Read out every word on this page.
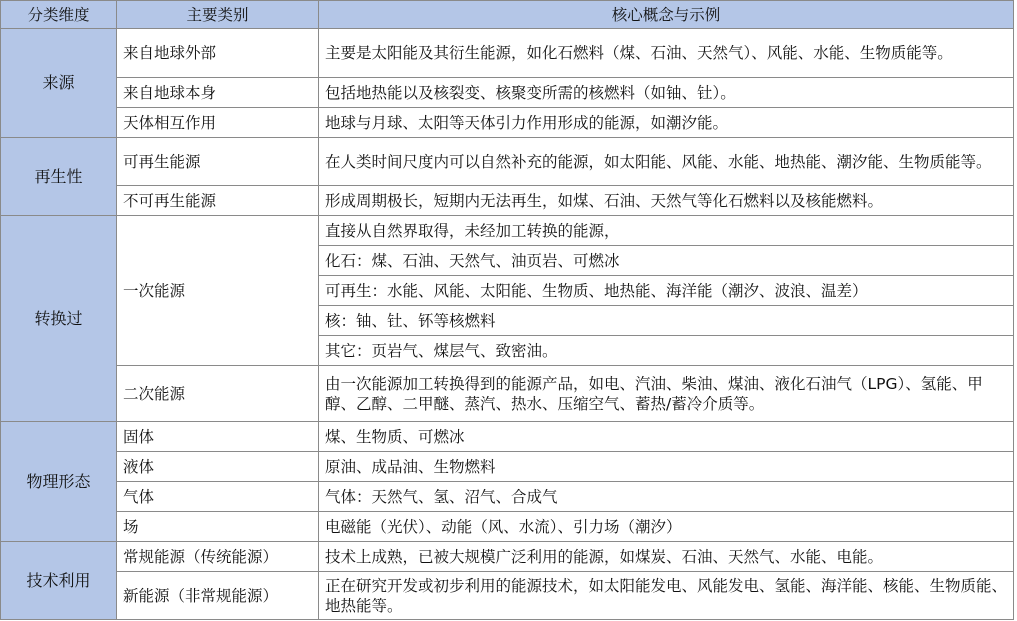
分类维度	主要类别	核心概念与示例
来源	来自地球外部	主要是太阳能及其衍生能源，如化石燃料（煤、石油、天然气）、风能、水能、生物质能等。
	来自地球本身	包括地热能以及核裂变、核聚变所需的核燃料（如铀、钍）。
	天体相互作用	地球与月球、太阳等天体引力作用形成的能源，如潮汐能。
再生性	可再生能源	在人类时间尺度内可以自然补充的能源，如太阳能、风能、水能、地热能、潮汐能、生物质能等。
	不可再生能源	形成周期极长，短期内无法再生，如煤、石油、天然气等化石燃料以及核能燃料。
转换过	一次能源	直接从自然界取得，未经加工转换的能源，
		化石：煤、石油、天然气、油页岩、可燃冰
		可再生：水能、风能、太阳能、生物质、地热能、海洋能（潮汐、波浪、温差）
		核：铀、钍、钚等核燃料
		其它：页岩气、煤层气、致密油。
	二次能源	由一次能源加工转换得到的能源产品，如电、汽油、柴油、煤油、液化石油气（LPG）、氢能、甲醇、乙醇、二甲醚、蒸汽、热水、压缩空气、蓄热/蓄冷介质等。
物理形态	固体	煤、生物质、可燃冰
	液体	原油、成品油、生物燃料
	气体	气体：天然气、氢、沼气、合成气
	场	电磁能（光伏）、动能（风、水流）、引力场（潮汐）
技术利用	常规能源（传统能源）	技术上成熟，已被大规模广泛利用的能源，如煤炭、石油、天然气、水能、电能。
	新能源（非常规能源）	正在研究开发或初步利用的能源技术，如太阳能发电、风能发电、氢能、海洋能、核能、生物质能、地热能等。
